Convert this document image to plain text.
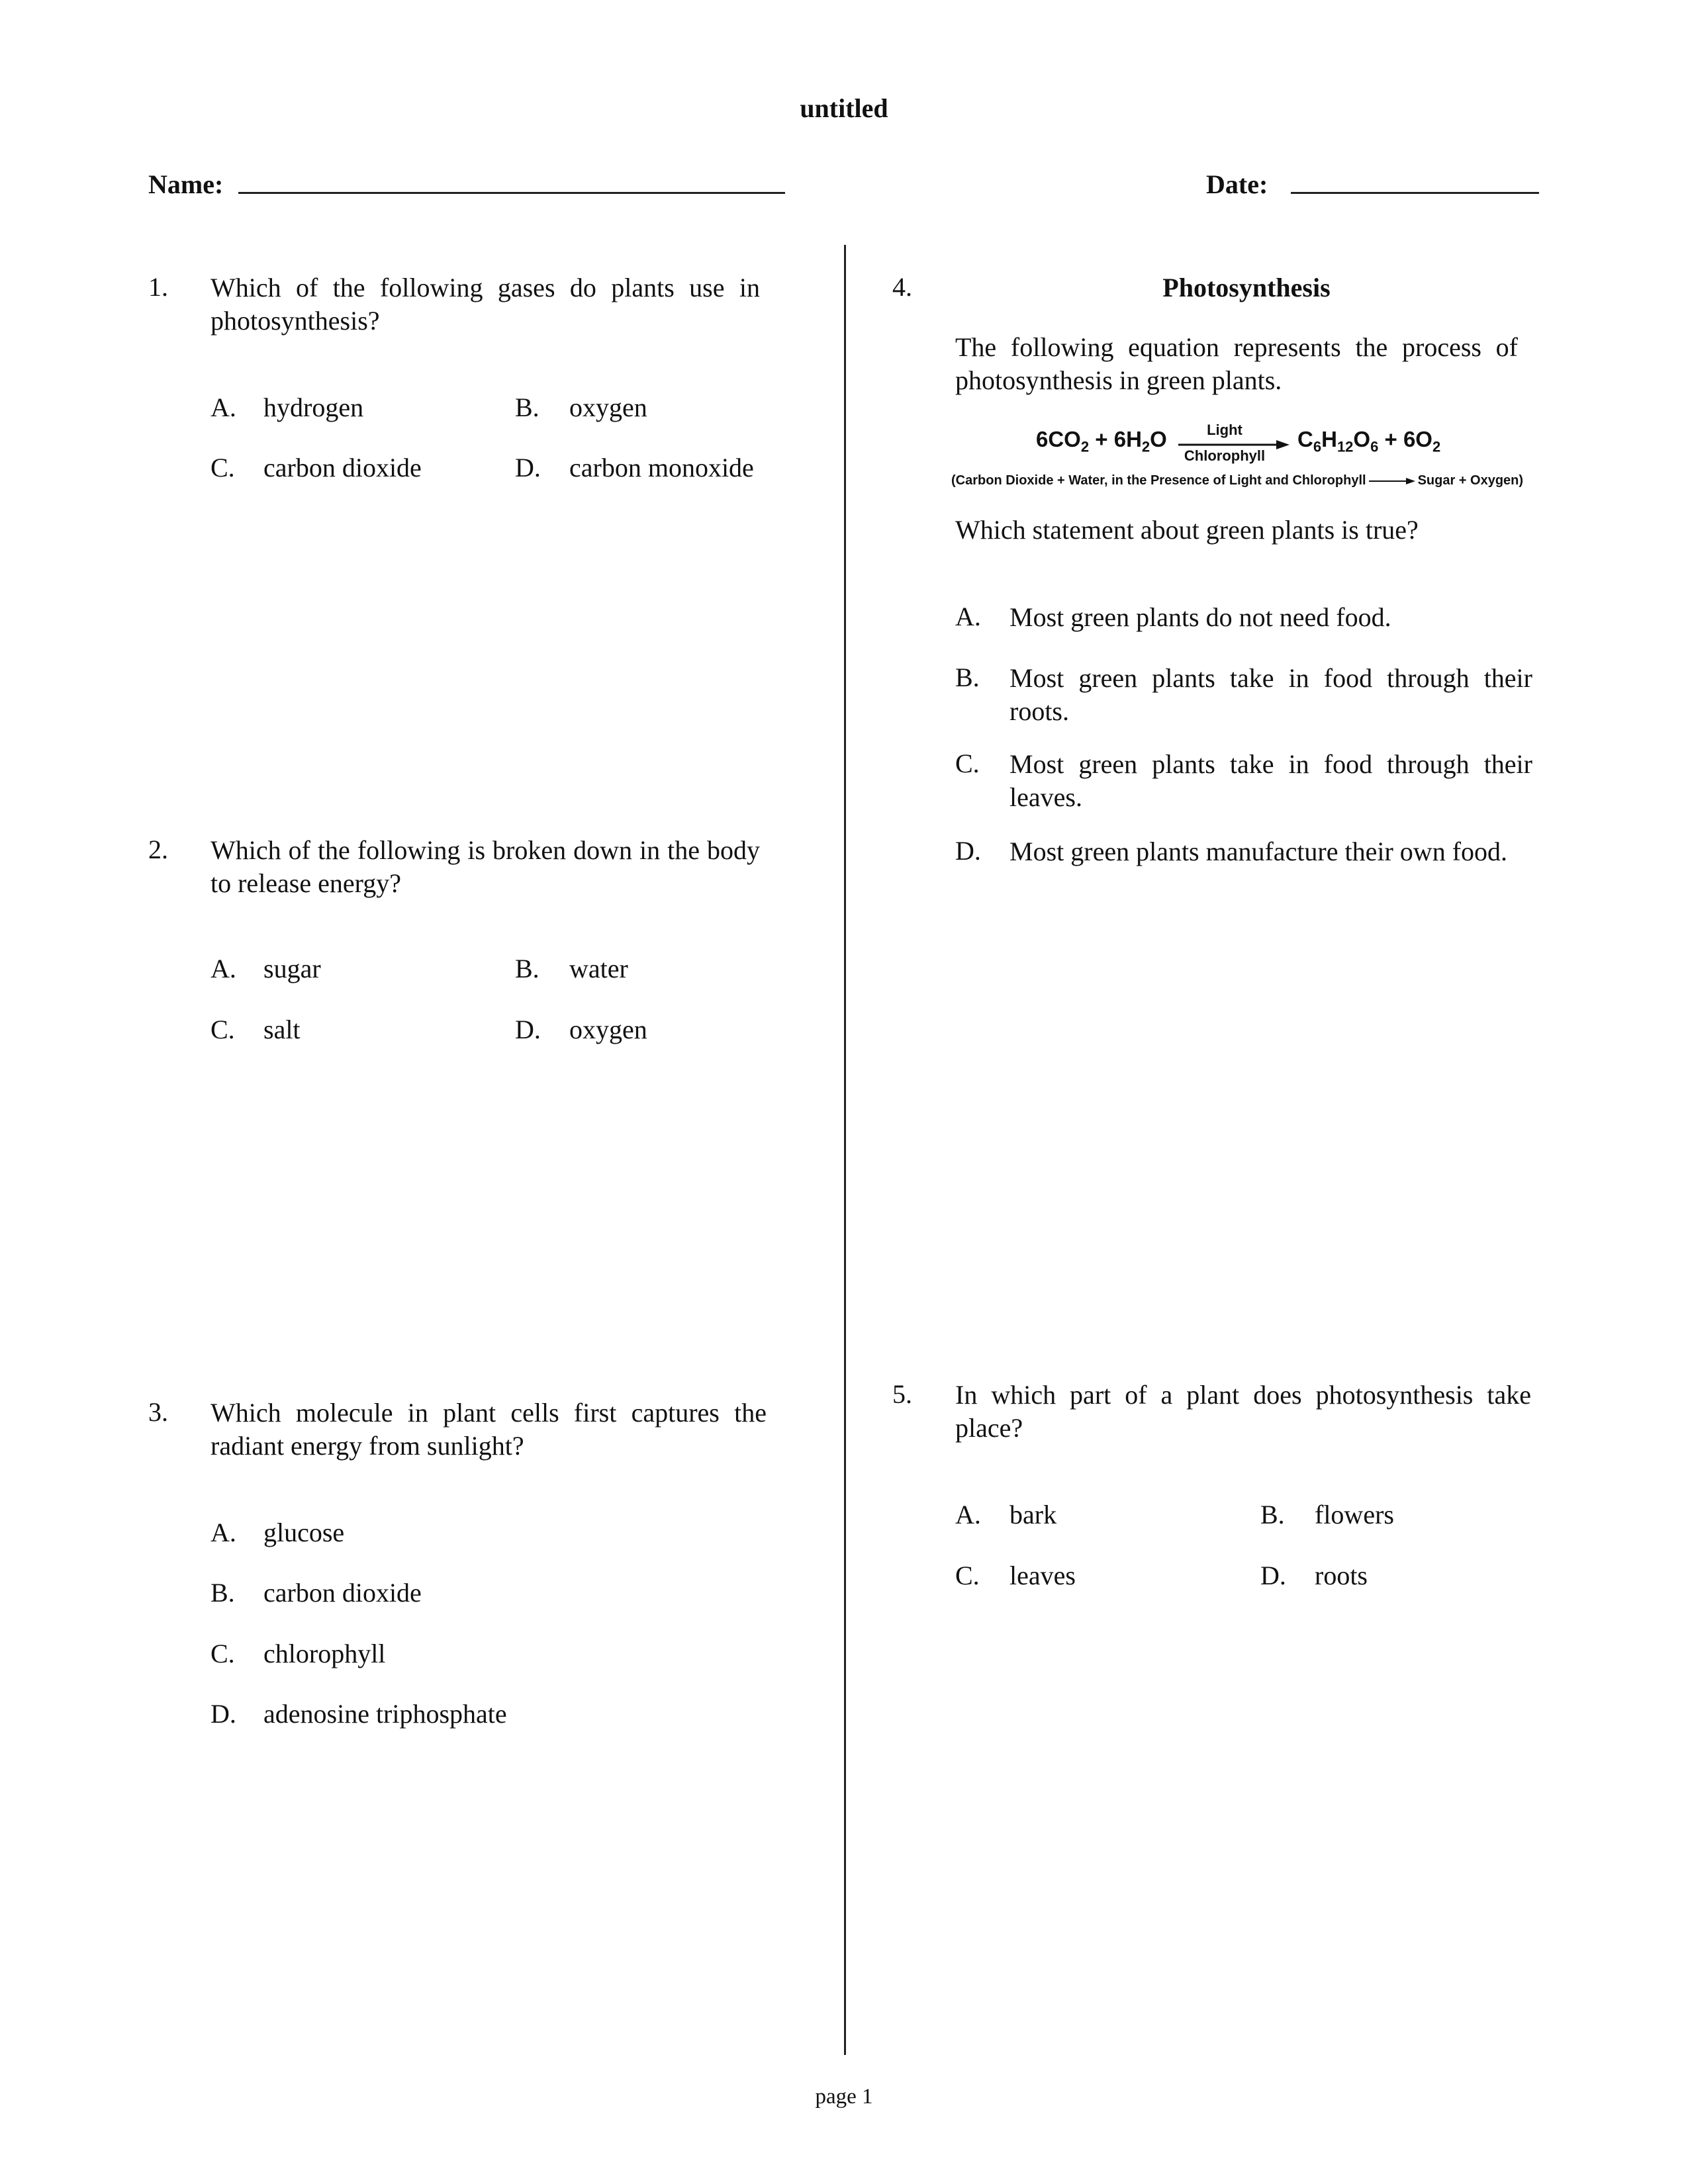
untitled
Name:	Date:
1. Which of the following gases do plants use in photosynthesis?
A. hydrogen	B. oxygen
C. carbon dioxide	D. carbon monoxide
2. Which of the following is broken down in the body to release energy?
A. sugar	B. water
C. salt	D. oxygen
3. Which molecule in plant cells first captures the radiant energy from sunlight?
A. glucose
B. carbon dioxide
C. chlorophyll
D. adenosine triphosphate
4.	Photosynthesis
The following equation represents the process of photosynthesis in green plants.
$6CO_2 + 6H_2O$	Light
Chlorophyll
$C_6H_{12}O_6 + 6O_2$
(Carbon Dioxide + Water, in the Presence of Light and Chlorophyll	Sugar + Oxygen)
Which statement about green plants is true?
A. Most green plants do not need food.
B. Most green plants take in food through their roots.
C. Most green plants take in food through their leaves.
D. Most green plants manufacture their own food.
5. In which part of a plant does photosynthesis take place?
A. bark	B. flowers
C. leaves	D. roots
page 1
